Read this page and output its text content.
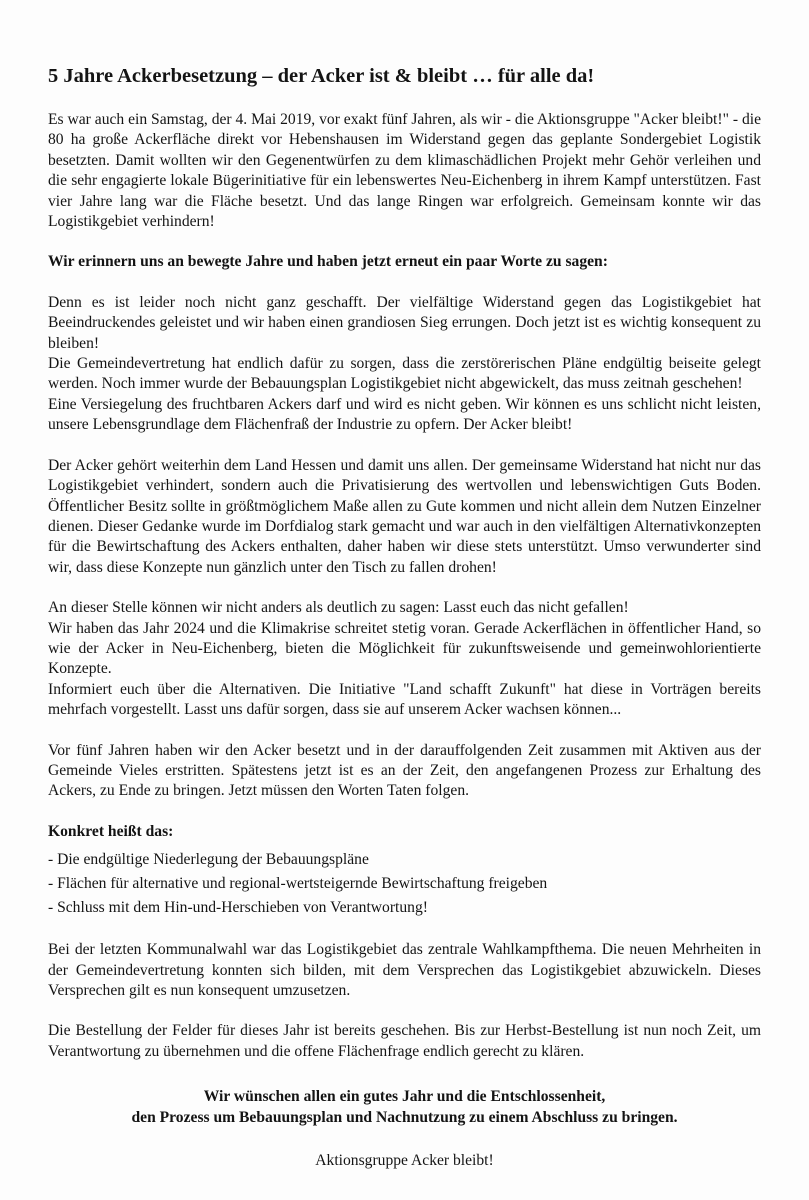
5 Jahre Ackerbesetzung – der Acker ist & bleibt … für alle da!

Es war auch ein Samstag, der 4. Mai 2019, vor exakt fünf Jahren, als wir - die Aktionsgruppe "Acker bleibt!" - die 80 ha große Ackerfläche direkt vor Hebenshausen im Widerstand gegen das geplante Sondergebiet Logistik besetzten. Damit wollten wir den Gegenentwürfen zu dem klimaschädlichen Projekt mehr Gehör verleihen und die sehr engagierte lokale Bügerinitiative für ein lebenswertes Neu-Eichenberg in ihrem Kampf unterstützen. Fast vier Jahre lang war die Fläche besetzt. Und das lange Ringen war erfolgreich. Gemeinsam konnte wir das Logistikgebiet verhindern!

Wir erinnern uns an bewegte Jahre und haben jetzt erneut ein paar Worte zu sagen:

Denn es ist leider noch nicht ganz geschafft. Der vielfältige Widerstand gegen das Logistikgebiet hat Beeindruckendes geleistet und wir haben einen grandiosen Sieg errungen. Doch jetzt ist es wichtig konsequent zu bleiben!

Die Gemeindevertretung hat endlich dafür zu sorgen, dass die zerstörerischen Pläne endgültig beiseite gelegt werden. Noch immer wurde der Bebauungsplan Logistikgebiet nicht abgewickelt, das muss zeitnah geschehen!

Eine Versiegelung des fruchtbaren Ackers darf und wird es nicht geben. Wir können es uns schlicht nicht leisten, unsere Lebensgrundlage dem Flächenfraß der Industrie zu opfern. Der Acker bleibt!

Der Acker gehört weiterhin dem Land Hessen und damit uns allen. Der gemeinsame Widerstand hat nicht nur das Logistikgebiet verhindert, sondern auch die Privatisierung des wertvollen und lebenswichtigen Guts Boden. Öffentlicher Besitz sollte in größtmöglichem Maße allen zu Gute kommen und nicht allein dem Nutzen Einzelner dienen. Dieser Gedanke wurde im Dorfdialog stark gemacht und war auch in den vielfältigen Alternativkonzepten für die Bewirtschaftung des Ackers enthalten, daher haben wir diese stets unterstützt. Umso verwunderter sind wir, dass diese Konzepte nun gänzlich unter den Tisch zu fallen drohen!

An dieser Stelle können wir nicht anders als deutlich zu sagen: Lasst euch das nicht gefallen!

Wir haben das Jahr 2024 und die Klimakrise schreitet stetig voran. Gerade Ackerflächen in öffentlicher Hand, so wie der Acker in Neu-Eichenberg, bieten die Möglichkeit für zukunftsweisende und gemeinwohlorientierte Konzepte.

Informiert euch über die Alternativen. Die Initiative "Land schafft Zukunft" hat diese in Vorträgen bereits mehrfach vorgestellt. Lasst uns dafür sorgen, dass sie auf unserem Acker wachsen können...

Vor fünf Jahren haben wir den Acker besetzt und in der darauffolgenden Zeit zusammen mit Aktiven aus der Gemeinde Vieles erstritten. Spätestens jetzt ist es an der Zeit, den angefangenen Prozess zur Erhaltung des Ackers, zu Ende zu bringen. Jetzt müssen den Worten Taten folgen.

Konkret heißt das:

- Die endgültige Niederlegung der Bebauungspläne

- Flächen für alternative und regional-wertsteigernde Bewirtschaftung freigeben

- Schluss mit dem Hin-und-Herschieben von Verantwortung!

Bei der letzten Kommunalwahl war das Logistikgebiet das zentrale Wahlkampfthema. Die neuen Mehrheiten in der Gemeindevertretung konnten sich bilden, mit dem Versprechen das Logistikgebiet abzuwickeln. Dieses Versprechen gilt es nun konsequent umzusetzen.

Die Bestellung der Felder für dieses Jahr ist bereits geschehen. Bis zur Herbst-Bestellung ist nun noch Zeit, um Verantwortung zu übernehmen und die offene Flächenfrage endlich gerecht zu klären.

Wir wünschen allen ein gutes Jahr und die Entschlossenheit,

den Prozess um Bebauungsplan und Nachnutzung zu einem Abschluss zu bringen.

Aktionsgruppe Acker bleibt!
